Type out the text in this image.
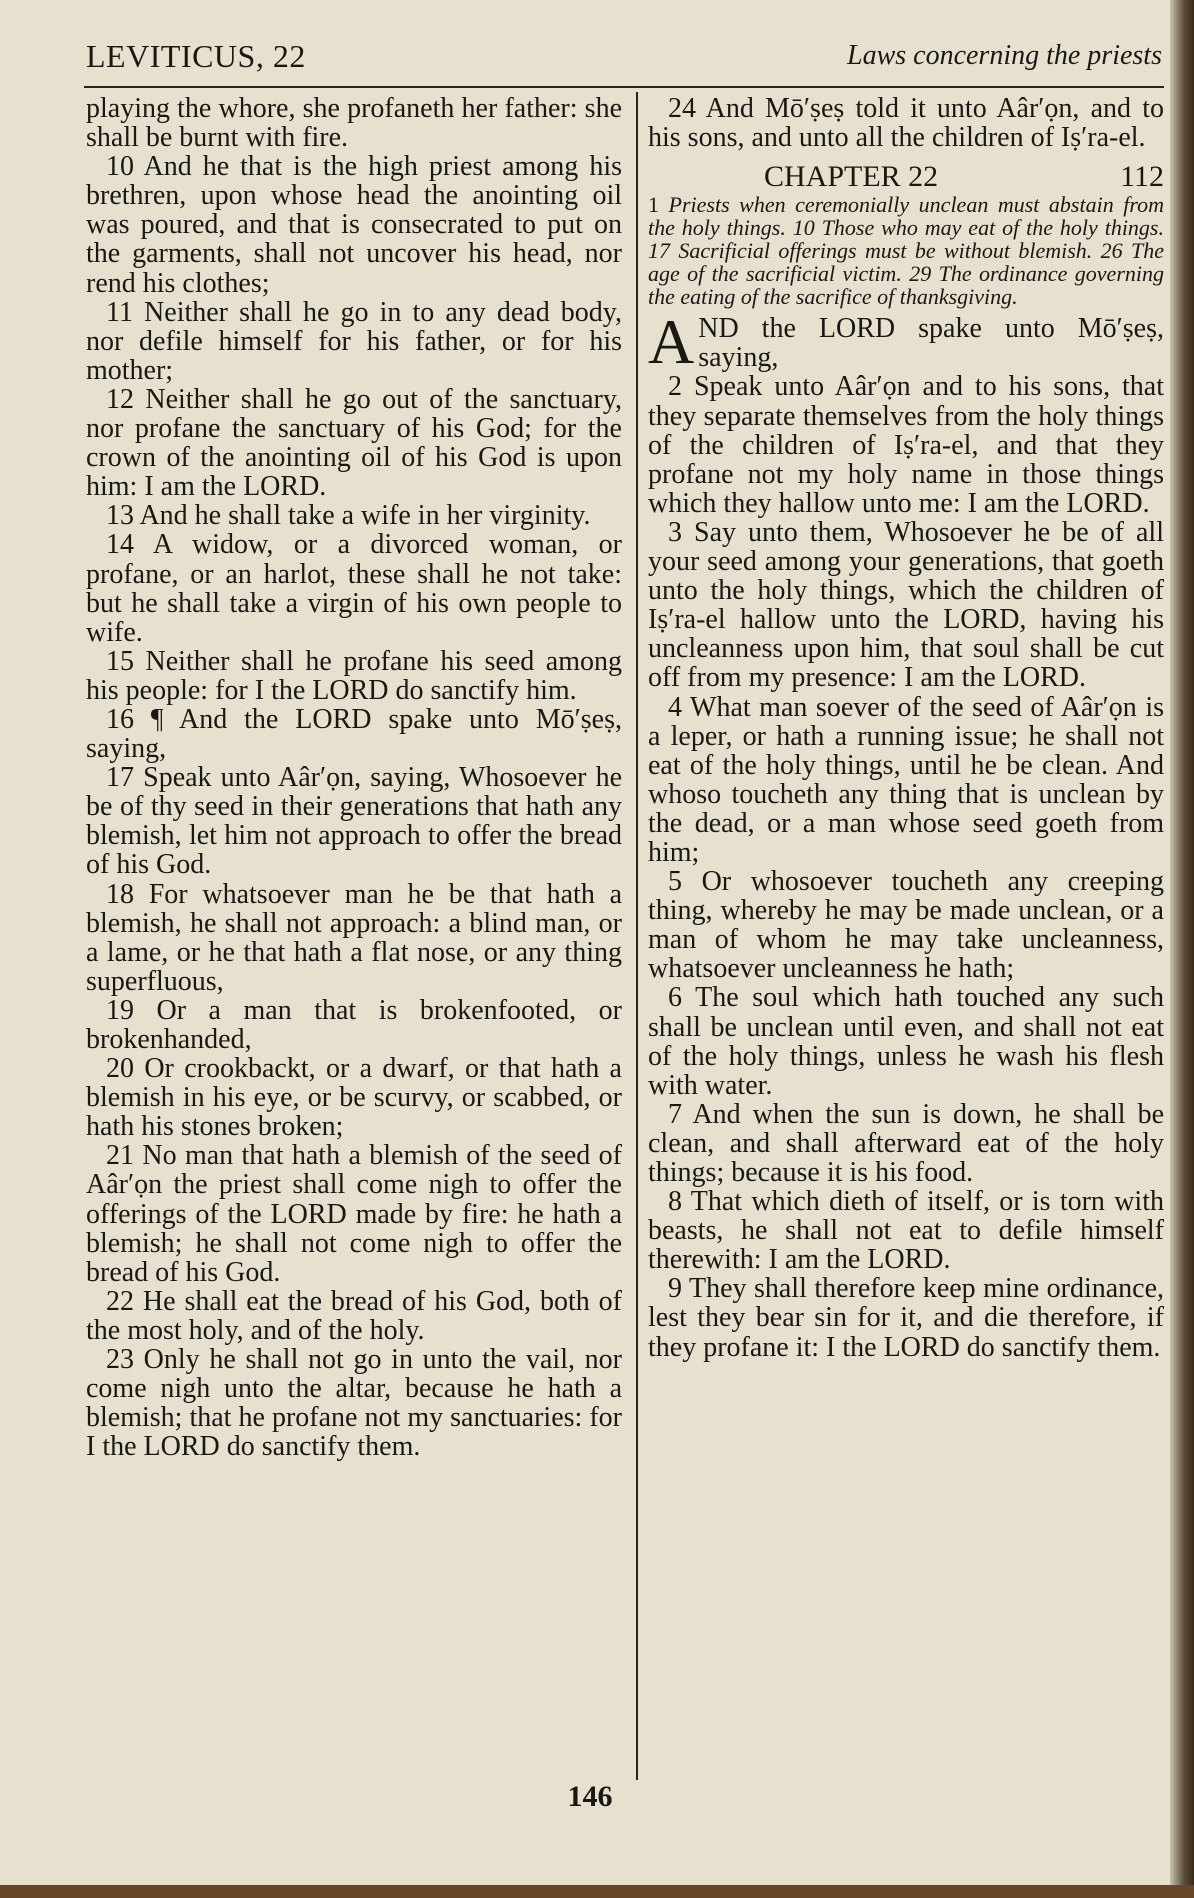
LEVITICUS, 22	Laws concerning the priests

playing the whore, she profaneth her father: she shall be burnt with fire.

10 And he that is the high priest among his brethren, upon whose head the anointing oil was poured, and that is consecrated to put on the garments, shall not uncover his head, nor rend his clothes;

11 Neither shall he go in to any dead body, nor defile himself for his father, or for his mother;

12 Neither shall he go out of the sanctuary, nor profane the sanctuary of his God; for the crown of the anointing oil of his God is upon him: I am the LORD.

13 And he shall take a wife in her virginity.

14 A widow, or a divorced woman, or profane, or an harlot, these shall he not take: but he shall take a virgin of his own people to wife.

15 Neither shall he profane his seed among his people: for I the LORD do sanctify him.

16 ¶ And the LORD spake unto Mō′ṣeṣ, saying,

17 Speak unto Aâr′ọn, saying, Whosoever he be of thy seed in their generations that hath any blemish, let him not approach to offer the bread of his God.

18 For whatsoever man he be that hath a blemish, he shall not approach: a blind man, or a lame, or he that hath a flat nose, or any thing superfluous,

19 Or a man that is brokenfooted, or brokenhanded,

20 Or crookbackt, or a dwarf, or that hath a blemish in his eye, or be scurvy, or scabbed, or hath his stones broken;

21 No man that hath a blemish of the seed of Aâr′ọn the priest shall come nigh to offer the offerings of the LORD made by fire: he hath a blemish; he shall not come nigh to offer the bread of his God.

22 He shall eat the bread of his God, both of the most holy, and of the holy.

23 Only he shall not go in unto the vail, nor come nigh unto the altar, because he hath a blemish; that he profane not my sanctuaries: for I the LORD do sanctify them.

24 And Mō′ṣeṣ told it unto Aâr′ọn, and to his sons, and unto all the children of Iṣ′ra-el.

CHAPTER 22	112
1 Priests when ceremonially unclean must abstain from the holy things. 10 Those who may eat of the holy things. 17 Sacrificial offerings must be without blemish. 26 The age of the sacrificial victim. 29 The ordinance governing the eating of the sacrifice of thanksgiving.

AND the LORD spake unto Mō′ṣeṣ, saying,

2 Speak unto Aâr′ọn and to his sons, that they separate themselves from the holy things of the children of Iṣ′ra-el, and that they profane not my holy name in those things which they hallow unto me: I am the LORD.

3 Say unto them, Whosoever he be of all your seed among your generations, that goeth unto the holy things, which the children of Iṣ′ra-el hallow unto the LORD, having his uncleanness upon him, that soul shall be cut off from my presence: I am the LORD.

4 What man soever of the seed of Aâr′ọn is a leper, or hath a running issue; he shall not eat of the holy things, until he be clean. And whoso toucheth any thing that is unclean by the dead, or a man whose seed goeth from him;

5 Or whosoever toucheth any creeping thing, whereby he may be made unclean, or a man of whom he may take uncleanness, whatsoever uncleanness he hath;

6 The soul which hath touched any such shall be unclean until even, and shall not eat of the holy things, unless he wash his flesh with water.

7 And when the sun is down, he shall be clean, and shall afterward eat of the holy things; because it is his food.

8 That which dieth of itself, or is torn with beasts, he shall not eat to defile himself therewith: I am the LORD.

9 They shall therefore keep mine ordinance, lest they bear sin for it, and die therefore, if they profane it: I the LORD do sanctify them.

146
